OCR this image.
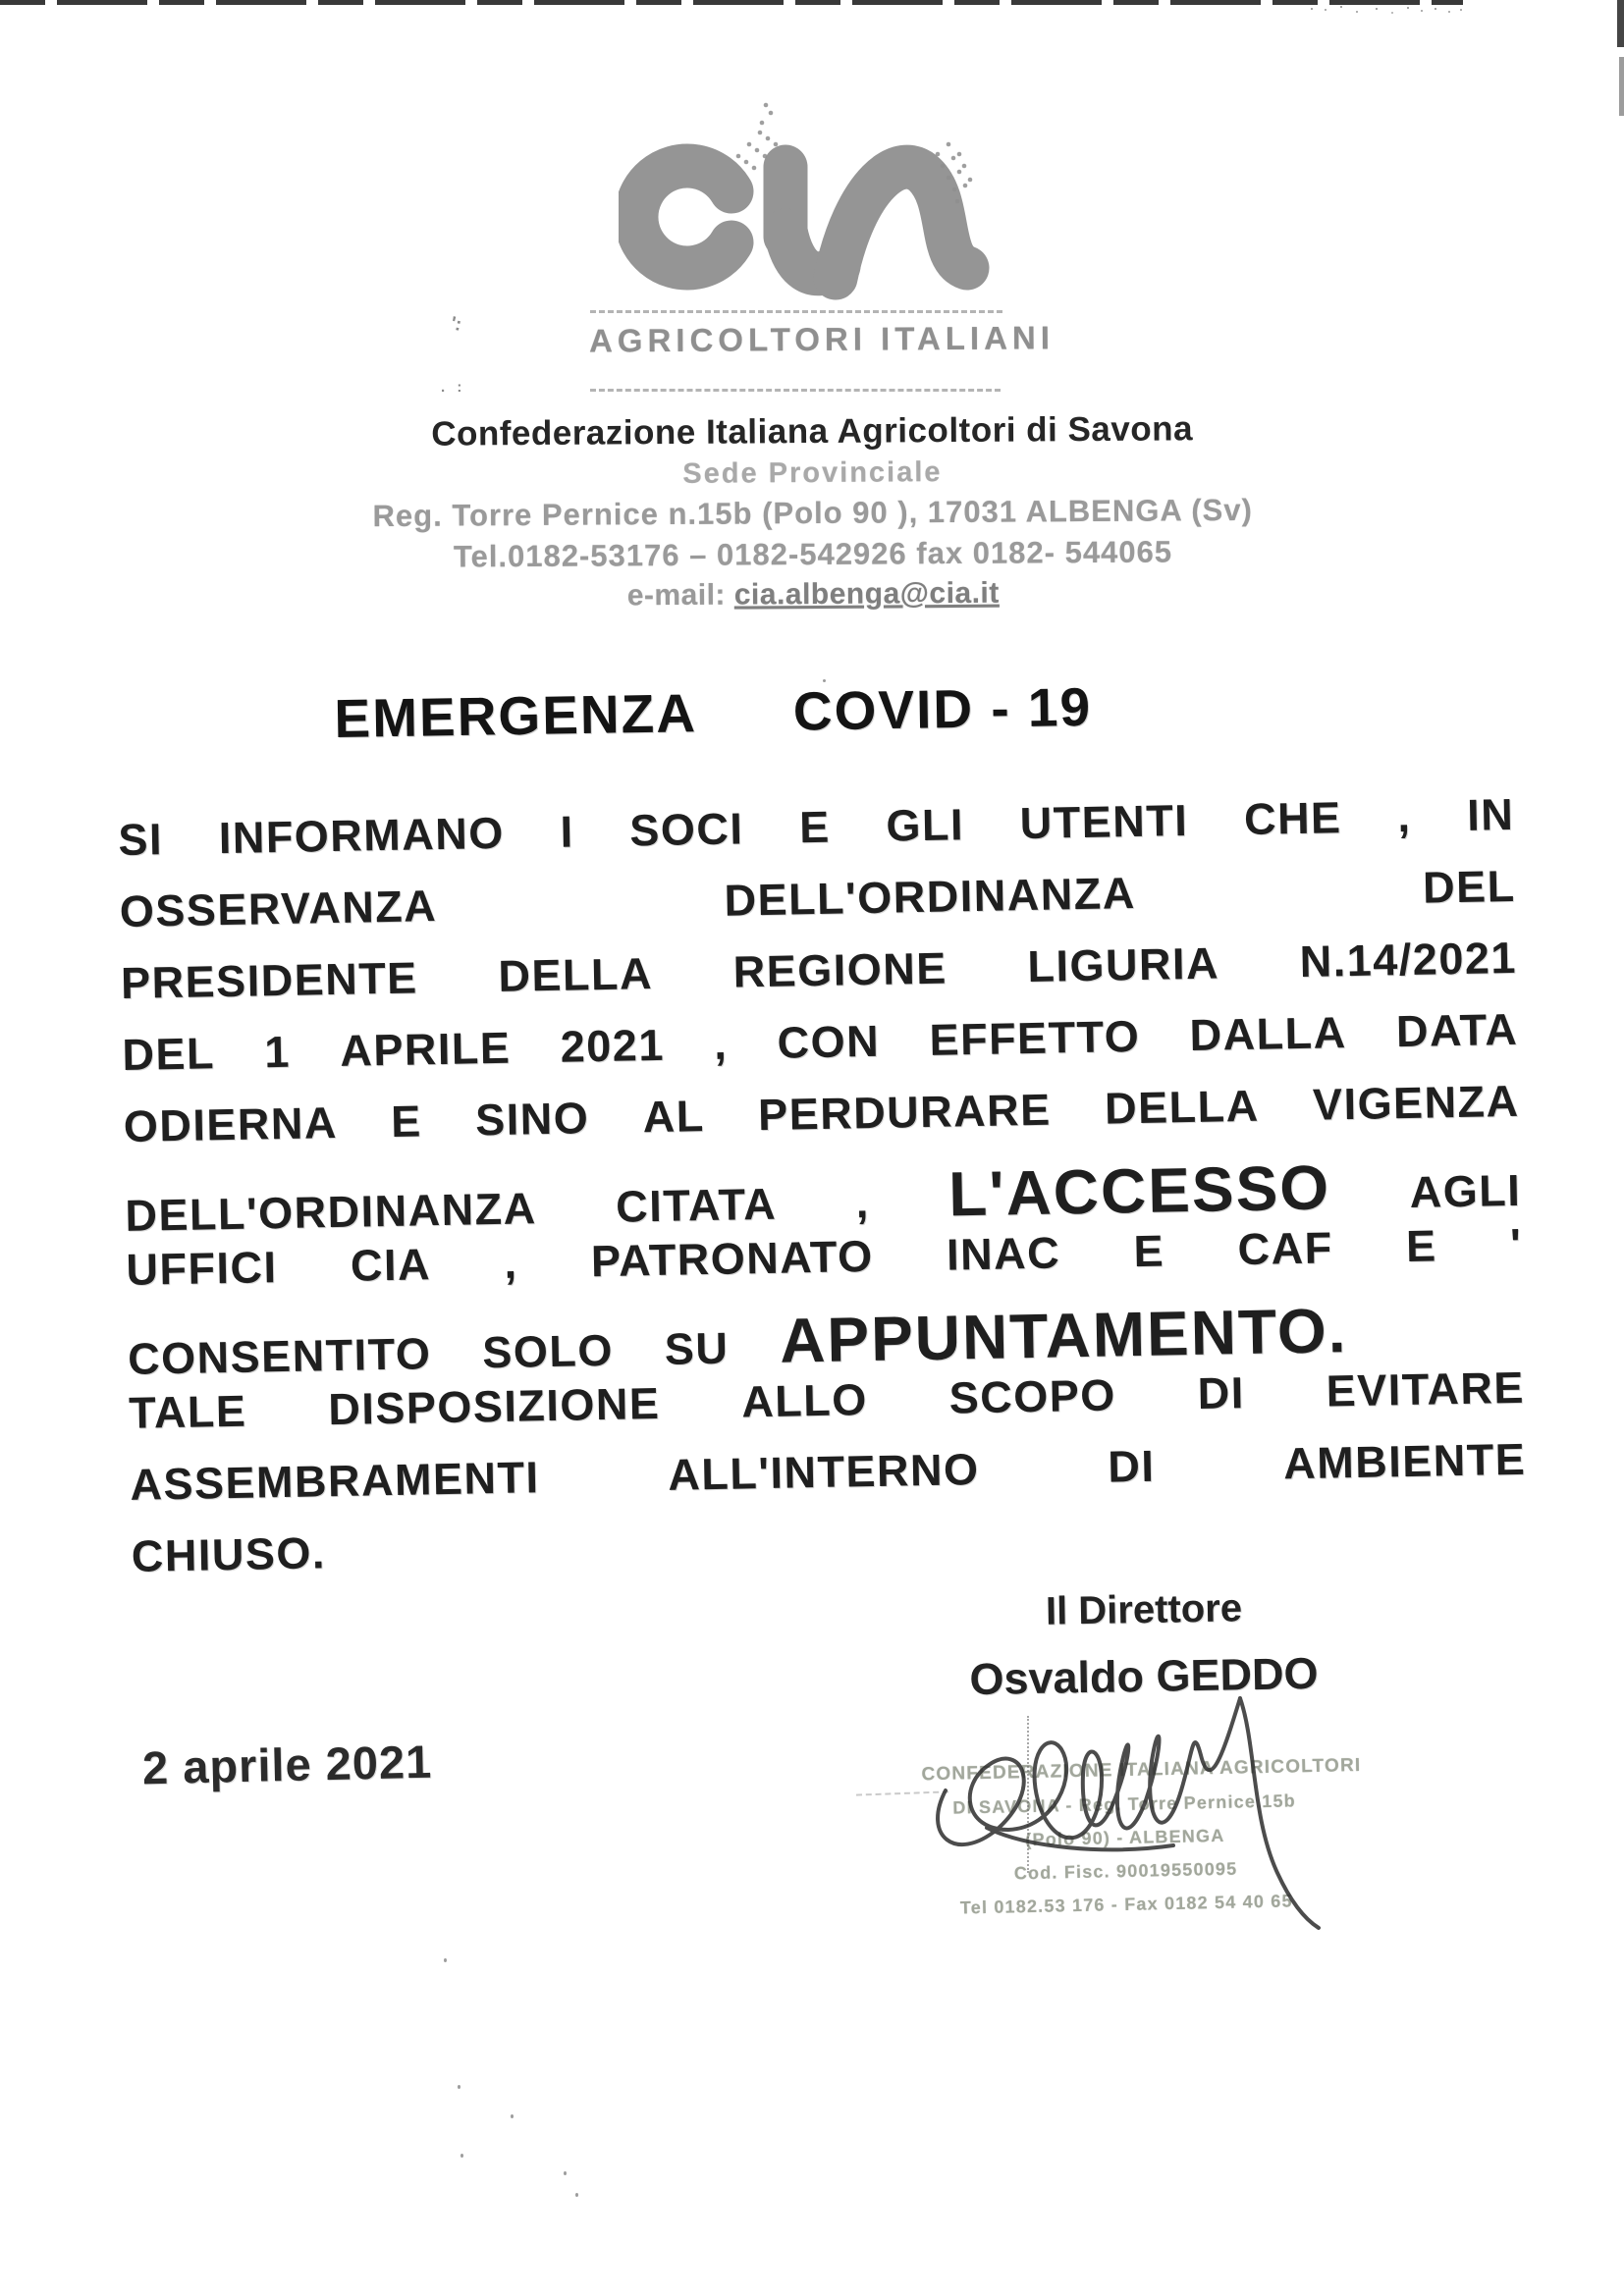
':
. :
AGRICOLTORI ITALIANI
Confederazione Italiana Agricoltori di Savona
Sede Provinciale
Reg. Torre Pernice n.15b (Polo 90 ), 17031 ALBENGA (Sv)
Tel.0182-53176 – 0182-542926 fax 0182- 544065
e-mail: cia.albenga@cia.it
EMERGENZA COVID - 19
SI INFORMANO I SOCI E GLI UTENTI CHE , IN
OSSERVANZA	DELL'ORDINANZA	DEL
PRESIDENTE DELLA REGIONE LIGURIA N.14/2021
DEL 1 APRILE 2021 , CON EFFETTO DALLA DATA
ODIERNA E SINO AL PERDURARE DELLA VIGENZA
DELL'ORDINANZA CITATA , L'ACCESSO AGLI
UFFICI CIA , PATRONATO INAC E CAF E '
CONSENTITO SOLO SU APPUNTAMENTO.
TALE DISPOSIZIONE ALLO SCOPO DI EVITARE
ASSEMBRAMENTI	ALL'INTERNO	DI	AMBIENTE
CHIUSO.
Il Direttore
Osvaldo GEDDO
2 aprile 2021	CONFEDERAZIONE ITALIANA AGRICOLTORI
DI SAVONA - Reg. Torre Pernice 15b
(Polo 90) - ALBENGA
Cod. Fisc. 90019550095
Tel 0182.53 176 - Fax 0182 54 40 65
